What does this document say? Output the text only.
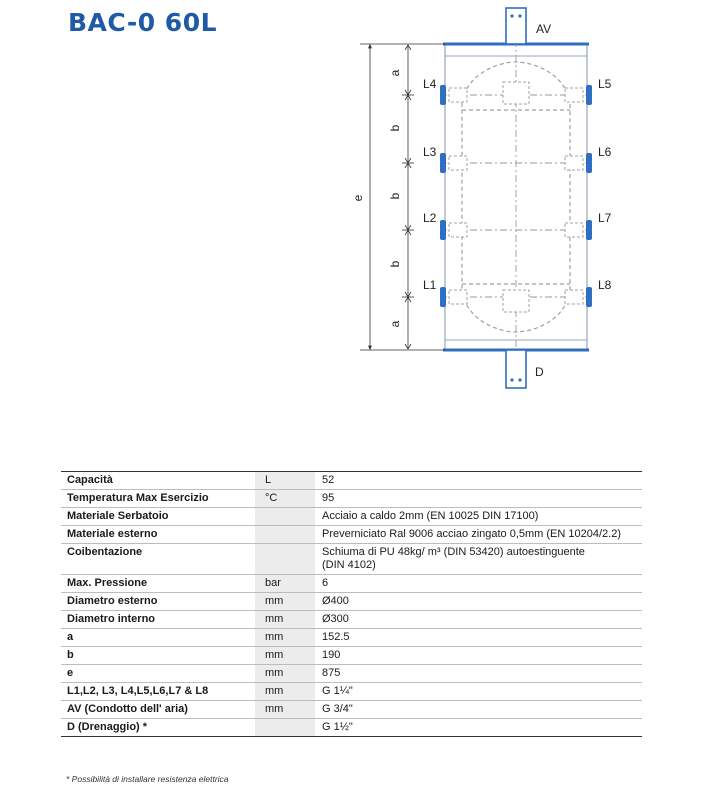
BAC-0 60L
a
b
b
b
a
e
AV
D
L4
L3
L2
L1
L5
L6
L7
L8
Capacità	L	52
Temperatura Max Esercizio	°C	95
Materiale Serbatoio		Acciaio a caldo 2mm (EN 10025 DIN 17100)
Materiale esterno		Preverniciato Ral 9006 acciao zingato 0,5mm (EN 10204/2.2)
Coibentazione		Schiuma di PU 48kg/ m³ (DIN 53420) autoestinguente
(DIN 4102)

Max. Pressione	bar	6
Diametro esterno	mm	Ø400
Diametro interno	mm	Ø300
a	mm	152.5
b	mm	190
e	mm	875
L1,L2, L3, L4,L5,L6,L7 & L8	mm	G 1¼"
AV (Condotto dell' aria)	mm	G 3/4"
D (Drenaggio) *		G 1½"
* Possibilità di installare resistenza elettrica
